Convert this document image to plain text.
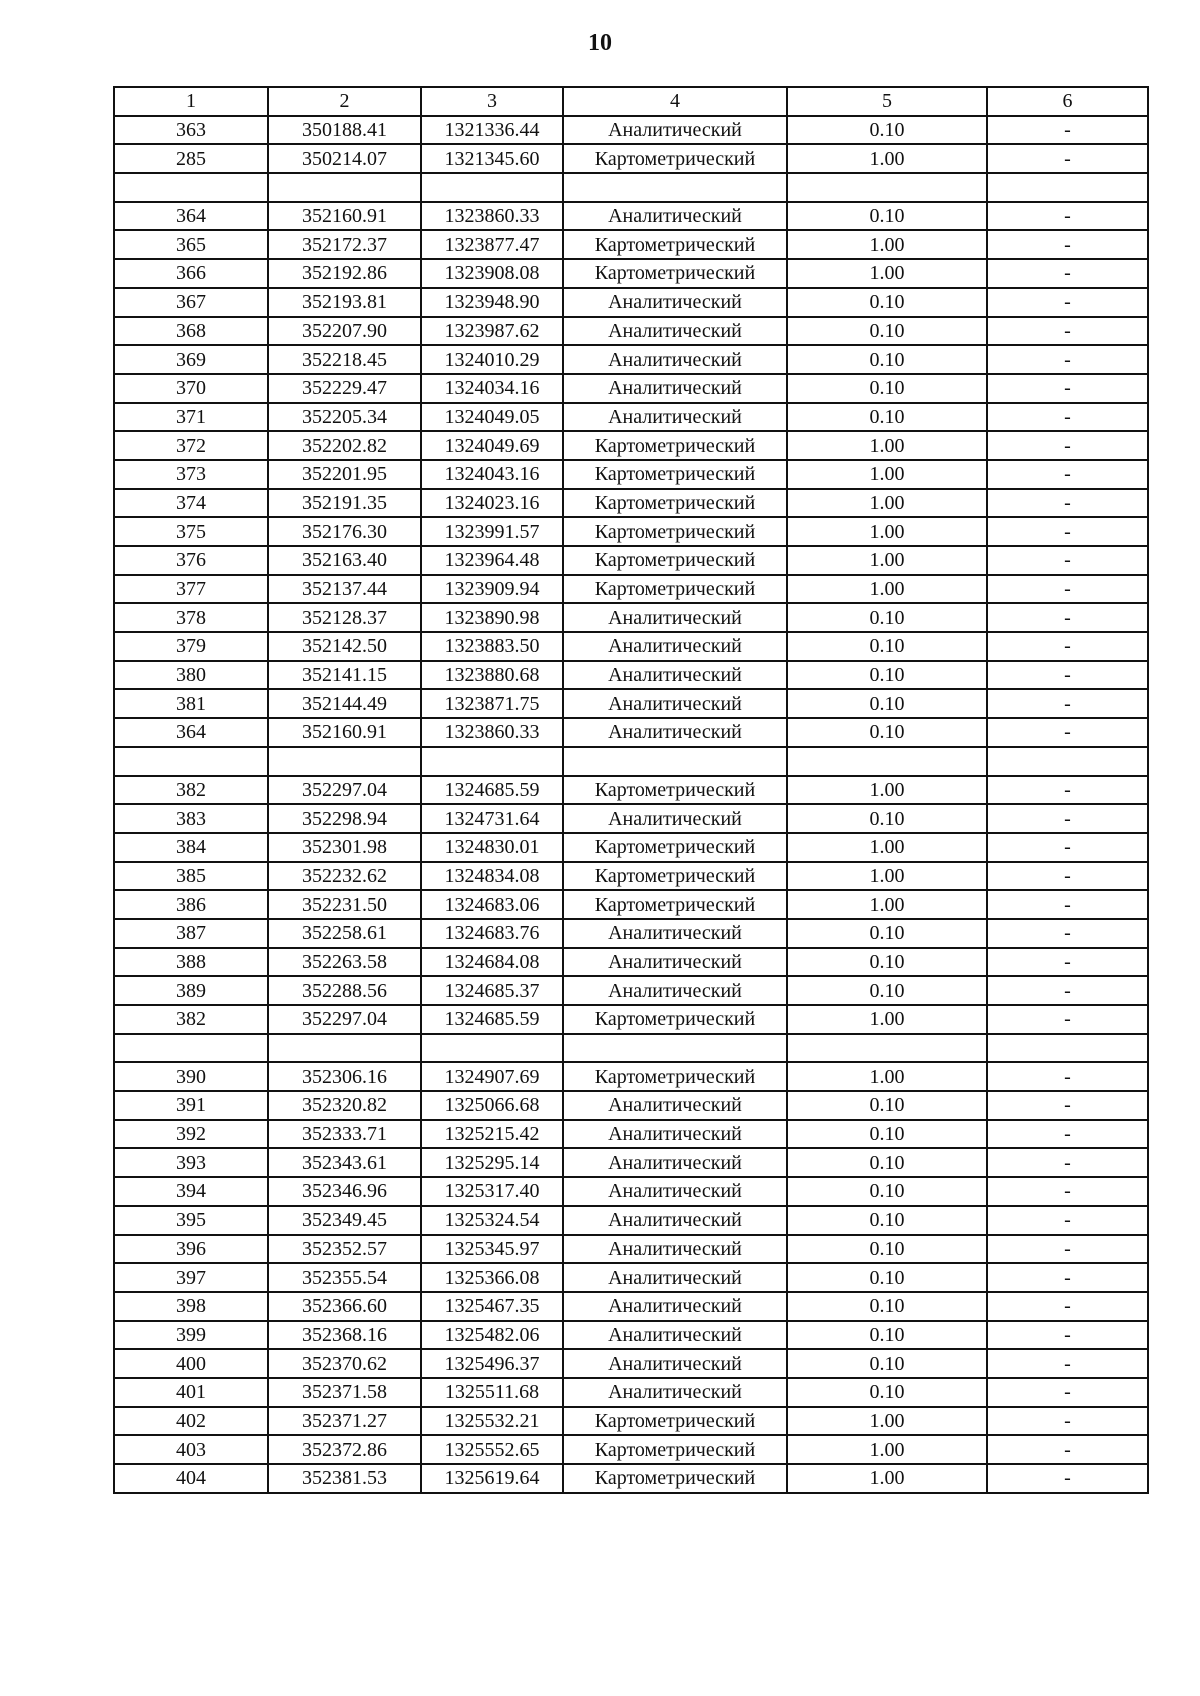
10
1	2	3	4	5	6
363	350188.41	1321336.44	Аналитический	0.10	-
285	350214.07	1321345.60	Картометрический	1.00	-

364	352160.91	1323860.33	Аналитический	0.10	-
365	352172.37	1323877.47	Картометрический	1.00	-
366	352192.86	1323908.08	Картометрический	1.00	-
367	352193.81	1323948.90	Аналитический	0.10	-
368	352207.90	1323987.62	Аналитический	0.10	-
369	352218.45	1324010.29	Аналитический	0.10	-
370	352229.47	1324034.16	Аналитический	0.10	-
371	352205.34	1324049.05	Аналитический	0.10	-
372	352202.82	1324049.69	Картометрический	1.00	-
373	352201.95	1324043.16	Картометрический	1.00	-
374	352191.35	1324023.16	Картометрический	1.00	-
375	352176.30	1323991.57	Картометрический	1.00	-
376	352163.40	1323964.48	Картометрический	1.00	-
377	352137.44	1323909.94	Картометрический	1.00	-
378	352128.37	1323890.98	Аналитический	0.10	-
379	352142.50	1323883.50	Аналитический	0.10	-
380	352141.15	1323880.68	Аналитический	0.10	-
381	352144.49	1323871.75	Аналитический	0.10	-
364	352160.91	1323860.33	Аналитический	0.10	-

382	352297.04	1324685.59	Картометрический	1.00	-
383	352298.94	1324731.64	Аналитический	0.10	-
384	352301.98	1324830.01	Картометрический	1.00	-
385	352232.62	1324834.08	Картометрический	1.00	-
386	352231.50	1324683.06	Картометрический	1.00	-
387	352258.61	1324683.76	Аналитический	0.10	-
388	352263.58	1324684.08	Аналитический	0.10	-
389	352288.56	1324685.37	Аналитический	0.10	-
382	352297.04	1324685.59	Картометрический	1.00	-

390	352306.16	1324907.69	Картометрический	1.00	-
391	352320.82	1325066.68	Аналитический	0.10	-
392	352333.71	1325215.42	Аналитический	0.10	-
393	352343.61	1325295.14	Аналитический	0.10	-
394	352346.96	1325317.40	Аналитический	0.10	-
395	352349.45	1325324.54	Аналитический	0.10	-
396	352352.57	1325345.97	Аналитический	0.10	-
397	352355.54	1325366.08	Аналитический	0.10	-
398	352366.60	1325467.35	Аналитический	0.10	-
399	352368.16	1325482.06	Аналитический	0.10	-
400	352370.62	1325496.37	Аналитический	0.10	-
401	352371.58	1325511.68	Аналитический	0.10	-
402	352371.27	1325532.21	Картометрический	1.00	-
403	352372.86	1325552.65	Картометрический	1.00	-
404	352381.53	1325619.64	Картометрический	1.00	-
